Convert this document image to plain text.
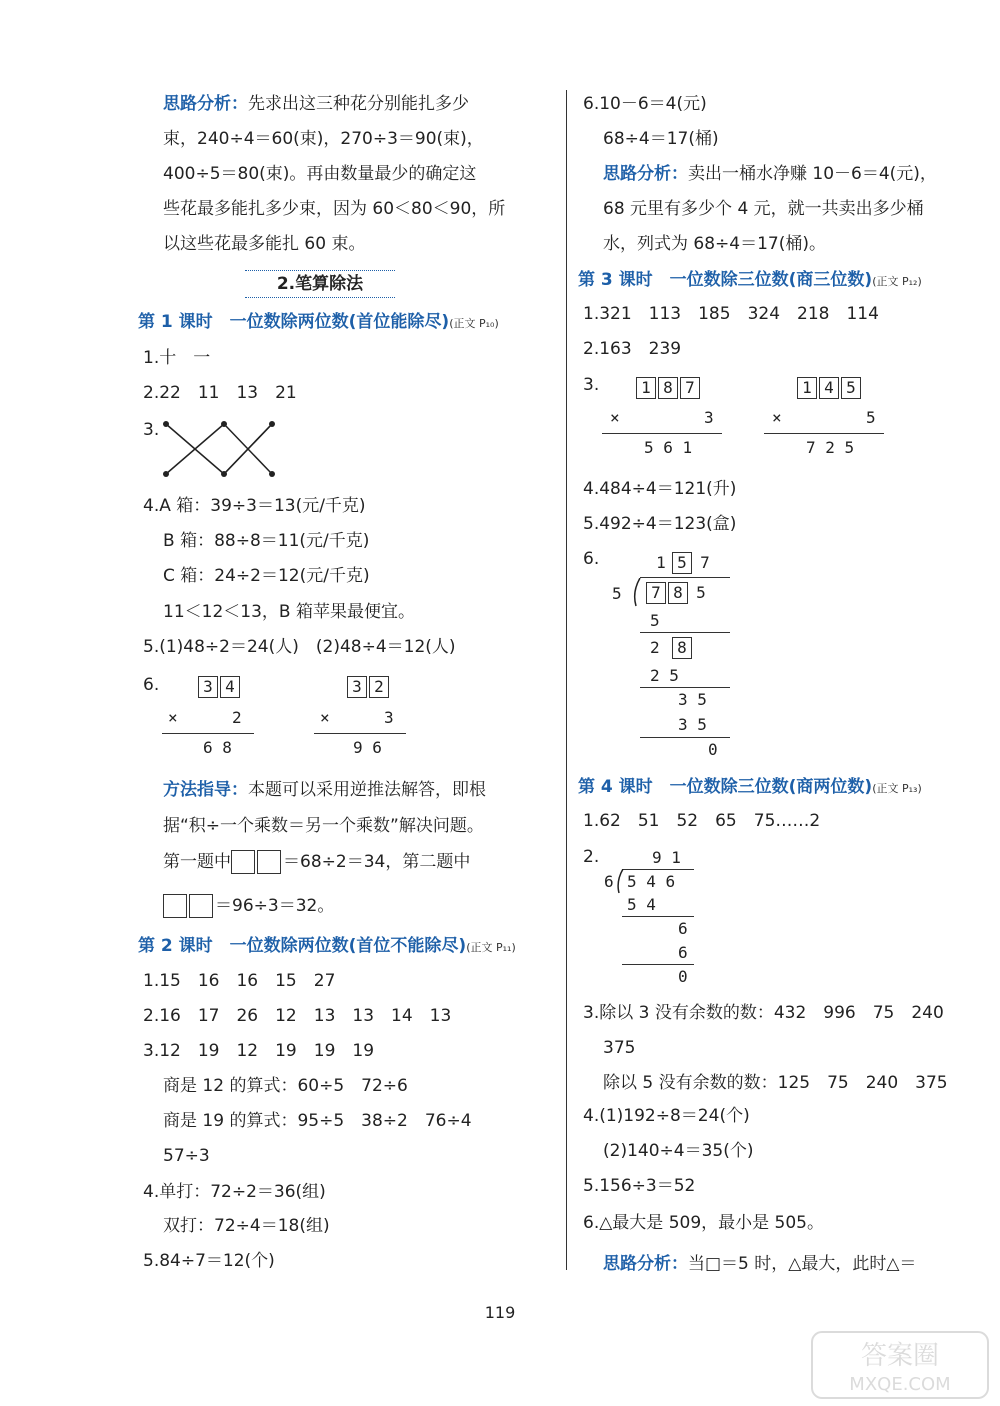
思路分析：先求出这三种花分别能扎多少
束，240÷4＝60(束)，270÷3＝90(束)，
400÷5＝80(束)。再由数量最少的确定这
些花最多能扎多少束，因为 60＜80＜90，所
以这些花最多能扎 60 束。
2.笔算除法
第 1 课时　一位数除两位数(首位能除尽)(正文 P₁₀)
1.十　一
2.22　11　13　21
3.
4.A 箱：39÷3＝13(元/千克)
B 箱：88÷8＝11(元/千克)
C 箱：24÷2＝12(元/千克)
11＜12＜13，B 箱苹果最便宜。
5.(1)48÷2＝24(人)　(2)48÷4＝12(人)
6.	3 4
×	2
6 8
3 2
×	3
9 6
方法指导：本题可以采用逆推法解答，即根
据“积÷一个乘数＝另一个乘数”解决问题。
第一题中	＝68÷2＝34，第二题中
＝96÷3＝32。
第 2 课时　一位数除两位数(首位不能除尽)(正文 P₁₁)
1.15　16　16　15　27
2.16　17　26　12　13　13　14　13
3.12　19　12　19　19　19
商是 12 的算式：60÷5　72÷6
商是 19 的算式：95÷5　38÷2　76÷4
57÷3
4.单打：72÷2＝36(组)
双打：72÷4＝18(组)
5.84÷7＝12(个)
6.10－6＝4(元)
68÷4＝17(桶)
思路分析：卖出一桶水净赚 10－6＝4(元)，
68 元里有多少个 4 元，就一共卖出多少桶
水，列式为 68÷4＝17(桶)。
第 3 课时　一位数除三位数(商三位数)(正文 P₁₂)
1.321　113　185　324　218　114
2.163　239
3.	1 8 7
×	3
5 6 1
1 4 5
×	5
7 2 5
4.484÷4＝121(升)
5.492÷4＝123(盒)
6.	1 5 7
5	7 8 5
5
2 8
2 5
3 5
3 5
0
第 4 课时　一位数除三位数(商两位数)(正文 P₁₃)
1.62　51　52　65　75……2
2.	9 1
6 5 4 6
5 4
6
6
0
3.除以 3 没有余数的数：432　996　75　240
375
除以 5 没有余数的数：125　75　240　375
4.(1)192÷8＝24(个)
(2)140÷4＝35(个)
5.156÷3＝52
6.△最大是 509，最小是 505。
思路分析：当□＝5 时，△最大，此时△＝
119
答案圈
MXQE.COM
